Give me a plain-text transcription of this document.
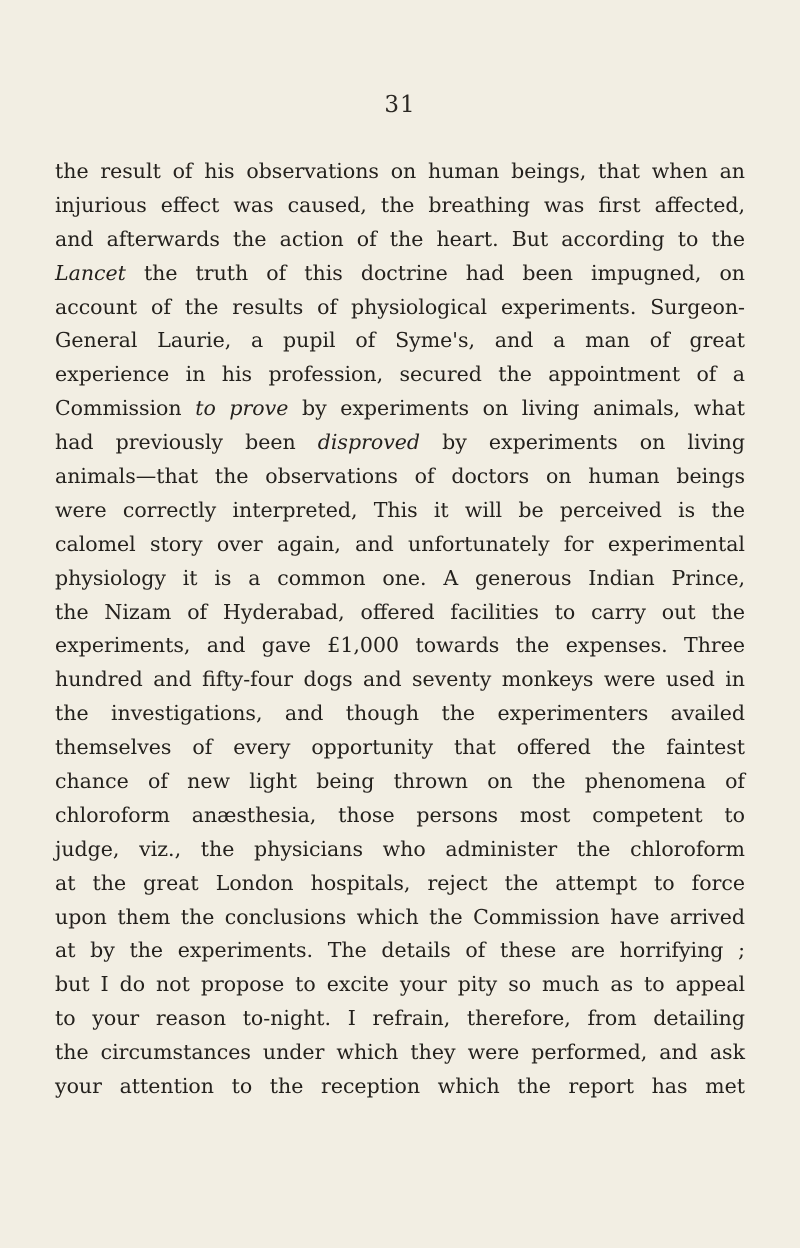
31
the result of his observations on human beings, that when an
injurious effect was caused, the breathing was first affected,
and afterwards the action of the heart. But according to the
Lancet the truth of this doctrine had been impugned, on
account of the results of physiological experiments. Surgeon-
General Laurie, a pupil of Syme's, and a man of great
experience in his profession, secured the appointment of a
Commission to prove by experiments on living animals, what
had previously been disproved by experiments on living
animals—that the observations of doctors on human beings
were correctly interpreted, This it will be perceived is the
calomel story over again, and unfortunately for experimental
physiology it is a common one. A generous Indian Prince,
the Nizam of Hyderabad, offered facilities to carry out the
experiments, and gave £1,000 towards the expenses. Three
hundred and fifty-four dogs and seventy monkeys were used in
the investigations, and though the experimenters availed
themselves of every opportunity that offered the faintest
chance of new light being thrown on the phenomena of
chloroform anæsthesia, those persons most competent to
judge, viz., the physicians who administer the chloroform
at the great London hospitals, reject the attempt to force
upon them the conclusions which the Commission have arrived
at by the experiments. The details of these are horrifying ;
but I do not propose to excite your pity so much as to appeal
to your reason to-night. I refrain, therefore, from detailing
the circumstances under which they were performed, and ask
your attention to the reception which the report has met
